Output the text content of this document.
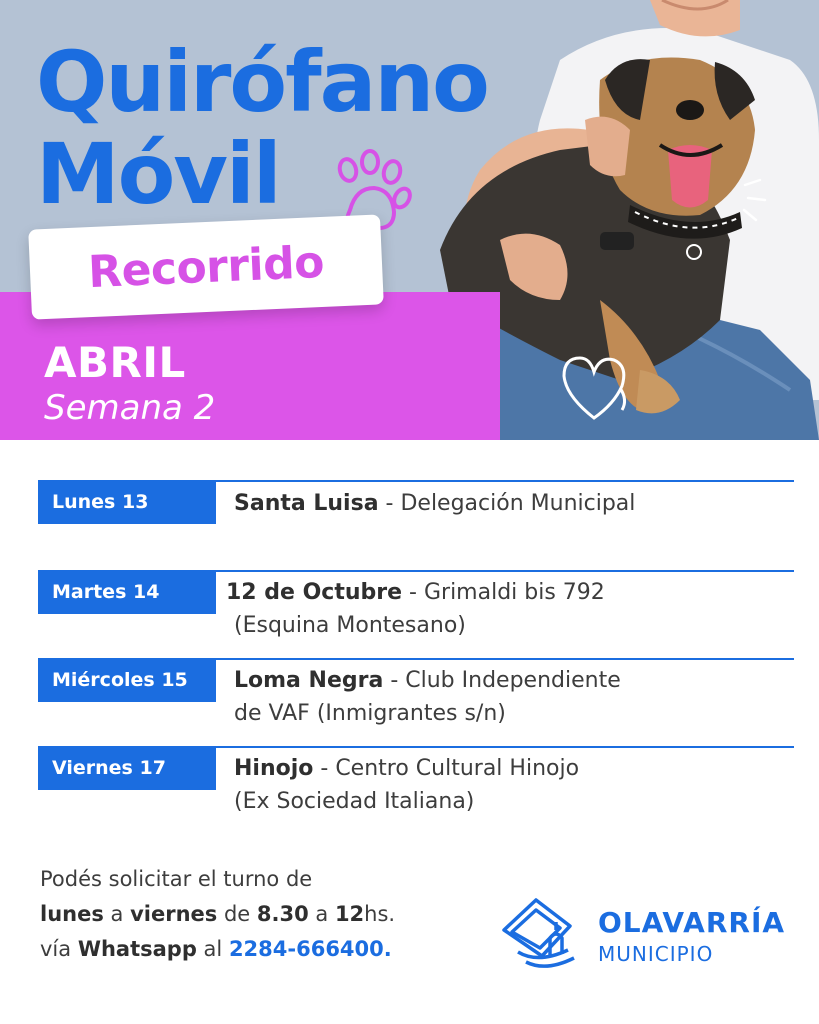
Quirófano
Móvil
Recorrido
ABRIL
Semana 2
Lunes 13	Santa Luisa - Delegación Municipal
Martes 14	12 de Octubre - Grimaldi bis 792
(Esquina Montesano)
Miércoles 15	Loma Negra - Club Independiente
de VAF (Inmigrantes s/n)
Viernes 17	Hinojo - Centro Cultural Hinojo
(Ex Sociedad Italiana)
Podés solicitar el turno de
lunes a viernes de 8.30 a 12hs.
vía Whatsapp al 2284-666400.
OLAVARRÍA
MUNICIPIO
